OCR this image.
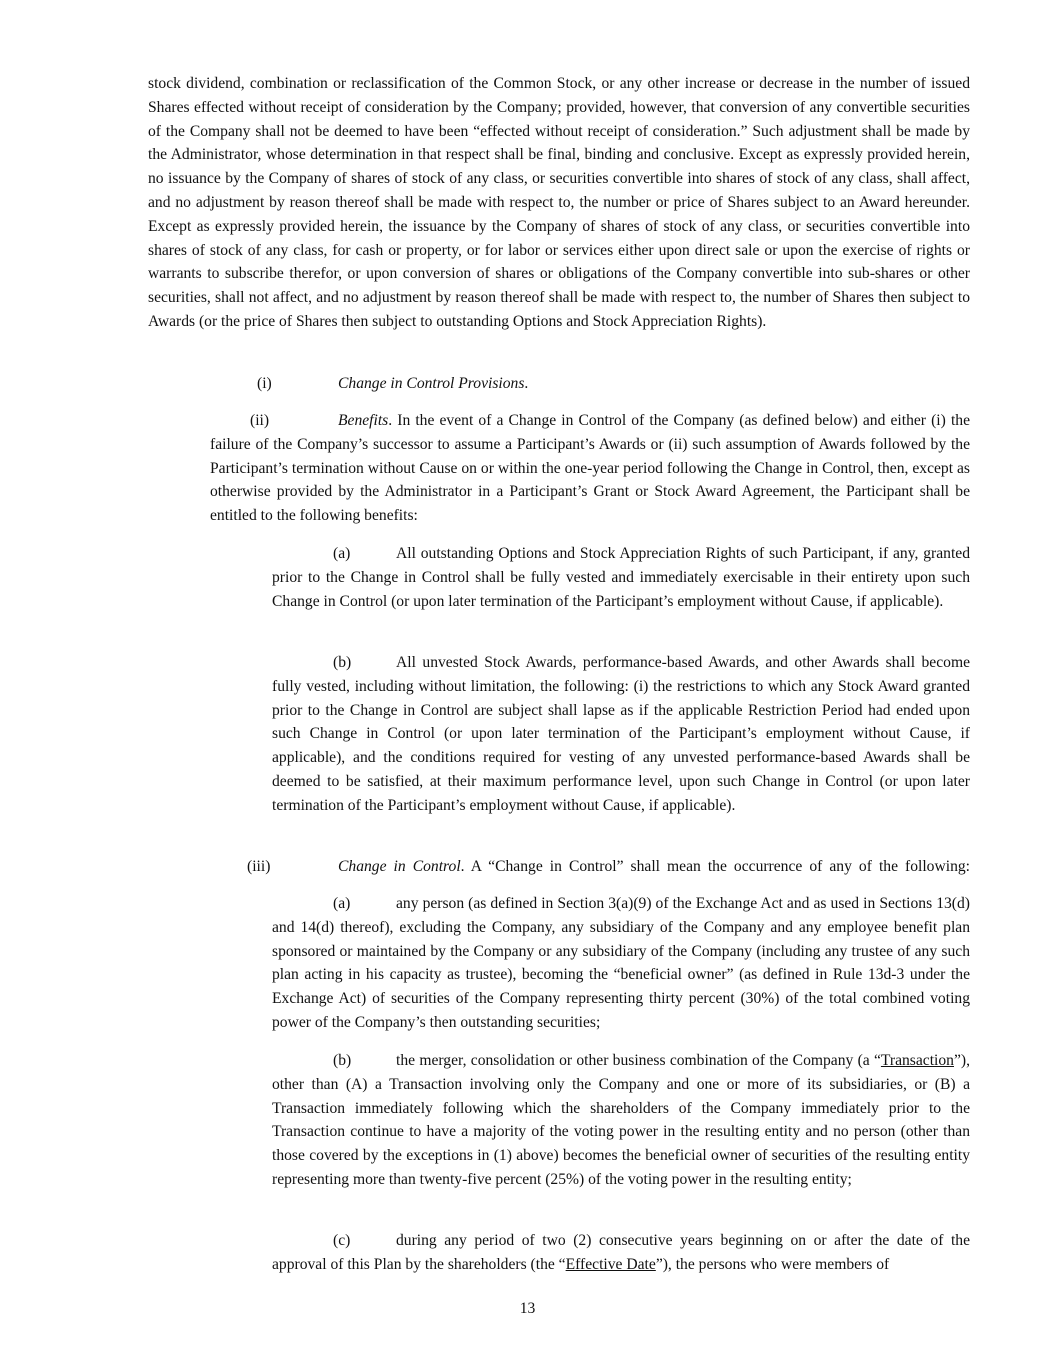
stock dividend, combination or reclassification of the Common Stock, or any other increase or decrease in the number of issued Shares effected without receipt of consideration by the Company; provided, however, that conversion of any convertible securities of the Company shall not be deemed to have been “effected without receipt of consideration.” Such adjustment shall be made by the Administrator, whose determination in that respect shall be final, binding and conclusive. Except as expressly provided herein, no issuance by the Company of shares of stock of any class, or securities convertible into shares of stock of any class, shall affect, and no adjustment by reason thereof shall be made with respect to, the number or price of Shares subject to an Award hereunder. Except as expressly provided herein, the issuance by the Company of shares of stock of any class, or securities convertible into shares of stock of any class, for cash or property, or for labor or services either upon direct sale or upon the exercise of rights or warrants to subscribe therefor, or upon conversion of shares or obligations of the Company convertible into sub-shares or other securities, shall not affect, and no adjustment by reason thereof shall be made with respect to, the number of Shares then subject to Awards (or the price of Shares then subject to outstanding Options and Stock Appreciation Rights).

(i)	Change in Control Provisions.

(ii)	Benefits. In the event of a Change in Control of the Company (as defined below) and either (i) the failure of the Company’s successor to assume a Participant’s Awards or (ii) such assumption of Awards followed by the Participant’s termination without Cause on or within the one-year period following the Change in Control, then, except as otherwise provided by the Administrator in a Participant’s Grant or Stock Award Agreement, the Participant shall be entitled to the following benefits:

(a)	All outstanding Options and Stock Appreciation Rights of such Participant, if any, granted prior to the Change in Control shall be fully vested and immediately exercisable in their entirety upon such Change in Control (or upon later termination of the Participant’s employment without Cause, if applicable).

(b)	All unvested Stock Awards, performance-based Awards, and other Awards shall become fully vested, including without limitation, the following: (i) the restrictions to which any Stock Award granted prior to the Change in Control are subject shall lapse as if the applicable Restriction Period had ended upon such Change in Control (or upon later termination of the Participant’s employment without Cause, if applicable), and the conditions required for vesting of any unvested performance-based Awards shall be deemed to be satisfied, at their maximum performance level, upon such Change in Control (or upon later termination of the Participant’s employment without Cause, if applicable).

(iii)	Change in Control. A “Change in Control” shall mean the occurrence of any of the following:

(a)	any person (as defined in Section 3(a)(9) of the Exchange Act and as used in Sections 13(d) and 14(d) thereof), excluding the Company, any subsidiary of the Company and any employee benefit plan sponsored or maintained by the Company or any subsidiary of the Company (including any trustee of any such plan acting in his capacity as trustee), becoming the “beneficial owner” (as defined in Rule 13d-3 under the Exchange Act) of securities of the Company representing thirty percent (30%) of the total combined voting power of the Company’s then outstanding securities;

(b)	the merger, consolidation or other business combination of the Company (a “Transaction”), other than (A) a Transaction involving only the Company and one or more of its subsidiaries, or (B) a Transaction immediately following which the shareholders of the Company immediately prior to the Transaction continue to have a majority of the voting power in the resulting entity and no person (other than those covered by the exceptions in (1) above) becomes the beneficial owner of securities of the resulting entity representing more than twenty-five percent (25%) of the voting power in the resulting entity;

(c)	during any period of two (2) consecutive years beginning on or after the date of the approval of this Plan by the shareholders (the “Effective Date”), the persons who were members of

13
